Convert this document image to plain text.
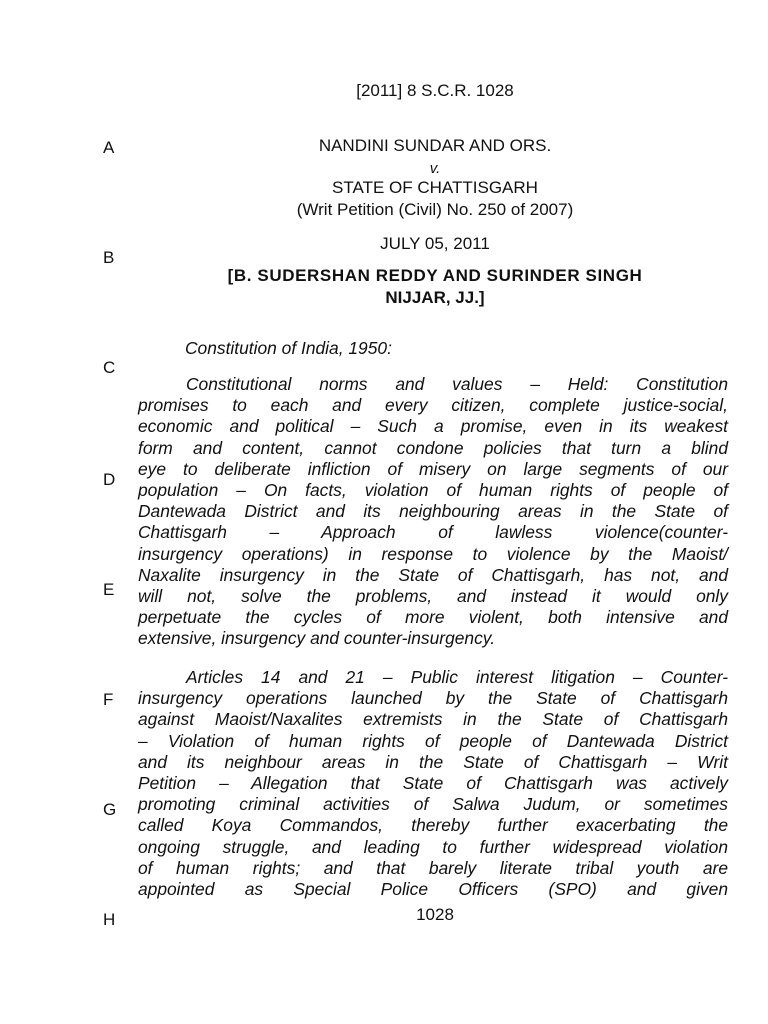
[2011] 8 S.C.R. 1028
NANDINI SUNDAR AND ORS.
v.
STATE OF CHATTISGARH
(Writ Petition (Civil) No. 250 of 2007)
JULY 05, 2011
[B. SUDERSHAN REDDY AND SURINDER SINGH
NIJJAR, JJ.]
A
B
C
D
E
F
G
H
Constitution of India, 1950:
Constitutional norms and values – Held: Constitution
promises to each and every citizen, complete justice-social,
economic and political – Such a promise, even in its weakest
form and content, cannot condone policies that turn a blind
eye to deliberate infliction of misery on large segments of our
population – On facts, violation of human rights of people of
Dantewada District and its neighbouring areas in the State of
Chattisgarh – Approach of lawless violence(counter-
insurgency operations) in response to violence by the Maoist/
Naxalite insurgency in the State of Chattisgarh, has not, and
will not, solve the problems, and instead it would only
perpetuate the cycles of more violent, both intensive and
extensive, insurgency and counter-insurgency.
Articles 14 and 21 – Public interest litigation – Counter-
insurgency operations launched by the State of Chattisgarh
against Maoist/Naxalites extremists in the State of Chattisgarh
– Violation of human rights of people of Dantewada District
and its neighbour areas in the State of Chattisgarh – Writ
Petition – Allegation that State of Chattisgarh was actively
promoting criminal activities of Salwa Judum, or sometimes
called Koya Commandos, thereby further exacerbating the
ongoing struggle, and leading to further widespread violation
of human rights; and that barely literate tribal youth are
appointed as Special Police Officers (SPO) and given
1028
